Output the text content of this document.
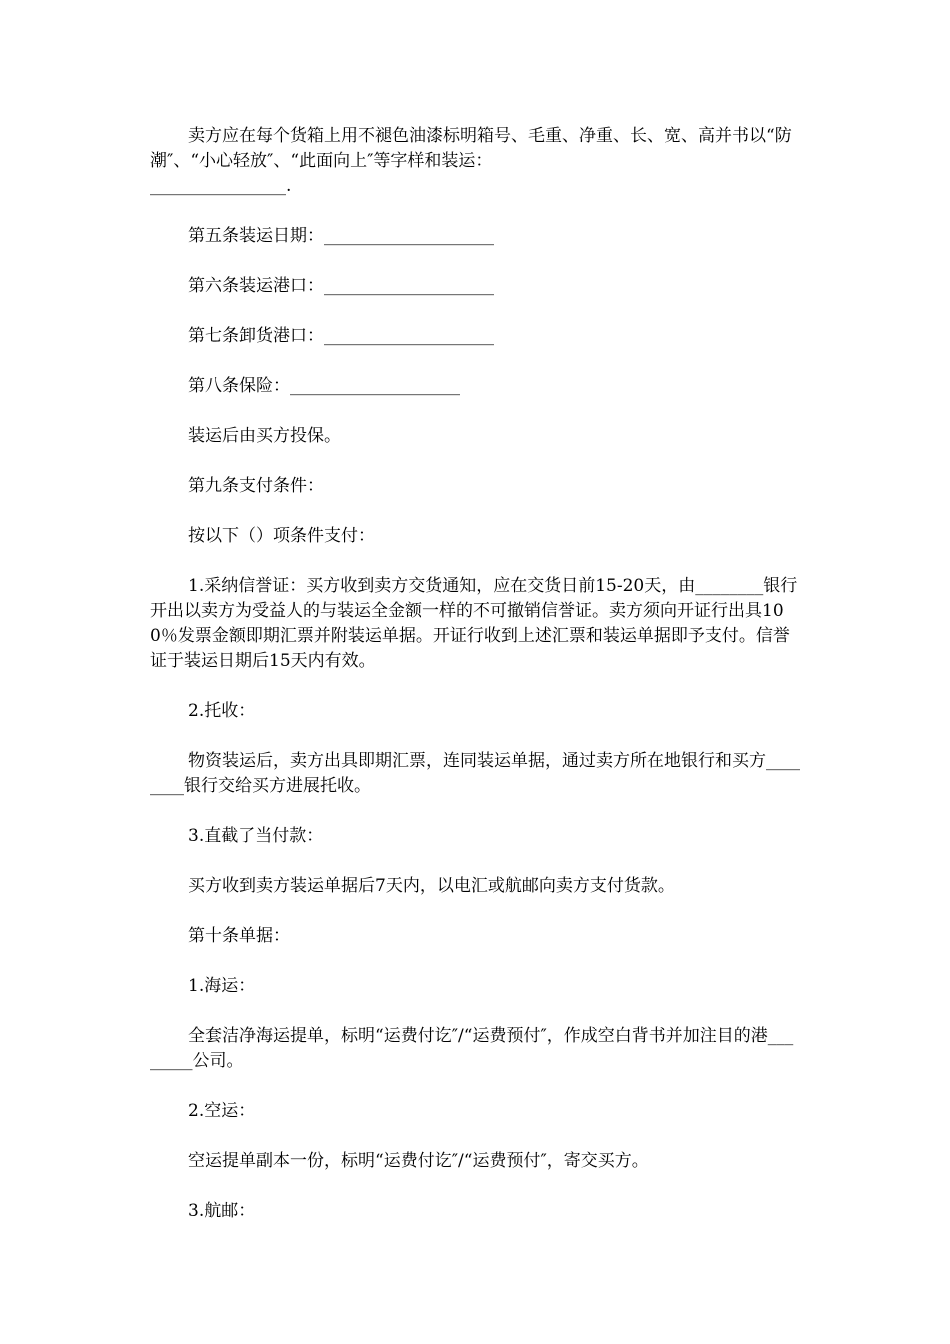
卖方应在每个货箱上用不褪色油漆标明箱号、毛重、净重、长、宽、高并书以“防潮″、“小心轻放″、“此面向上″等字样和装运：
________________.

第五条装运日期：____________________

第六条装运港口：____________________

第七条卸货港口：____________________

第八条保险：____________________

装运后由买方投保。

第九条支付条件：

按以下（）项条件支付：

1.采纳信誉证：买方收到卖方交货通知，应在交货日前15-20天，由________银行开出以卖方为受益人的与装运全金额一样的不可撤销信誉证。卖方须向开证行出具100％发票金额即期汇票并附装运单据。开证行收到上述汇票和装运单据即予支付。信誉证于装运日期后15天内有效。

2.托收：

物资装运后，卖方出具即期汇票，连同装运单据，通过卖方所在地银行和买方________银行交给买方进展托收。

3.直截了当付款：

买方收到卖方装运单据后7天内，以电汇或航邮向卖方支付货款。

第十条单据：

1.海运：

全套洁净海运提单，标明“运费付讫″/“运费预付″，作成空白背书并加注目的港________公司。

2.空运：

空运提单副本一份，标明“运费付讫″/“运费预付″，寄交买方。

3.航邮：
